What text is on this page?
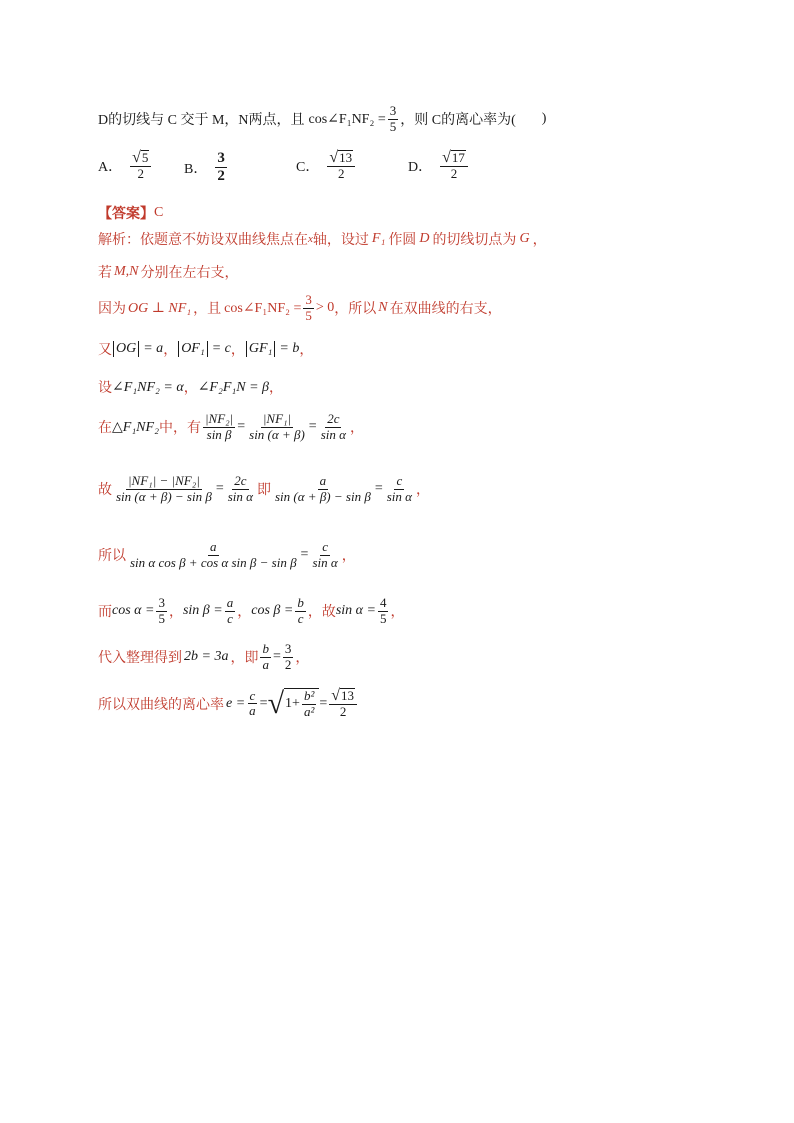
D的切线与 C 交于 M，N两点，且 cos∠F₁NF₂ = $\frac{3}{5}$ ，则 C的离心率为( )
A． $\frac{√ 5}{2}$ B． $\frac{3}{2}$	C． $\frac{√ 13}{2}$	D． $\frac{√ 17}{2}$
【答案】 C
解析：依题意不妨设双曲线焦点在 x 轴，设过 F₁ 作圆 D 的切线切点为 G ，
若 M,N 分别在左右支，
因为 OG ⊥ NF₁ ，且 cos∠F₁NF₂ = $\frac{3}{5} > 0$ ，所以 N 在双曲线的右支，
又 OG = a ， OF₁ = c ， GF₁ = b ，
设 ∠F₁NF₂ = α ， ∠F₂F₁N = β ，
在 △F₁NF₂ 中，有 $\frac{\text{|NF₂|}}{\text{sin β}} = \frac{\text{|NF₁|}}{\sin (\alpha + \beta)} = \frac{2c}{\text{sin α}}$ ，
故 $\frac{\text{|NF₁| − |NF₂|}}{\text{sin (α + β) − sin β}} = \frac{2c}{\text{sin α}}$ 即 $\frac{a}{\text{sin (α + β) − sin β}} = \frac{c}{\text{sin α}}$ ，
所以 $\frac{a}{\text{sin α cos β + cos α sin β − sin β}} = \frac{c}{\text{sin α}}$ ，
而 $\cos \alpha = \frac{3}{5}$ ， $\sin \beta = \frac{a}{c}$ ， $\cos \beta = \frac{b}{c}$ ，故 $\sin \alpha = \frac{4}{5}$ ，
代入整理得到 2b = 3a ，即 $\frac{b}{a} = \frac{3}{2}$ ，
所以双曲线的离心率 $e = \frac{c}{a}$ = √ $1+ \frac{\text{b²}}{\text{a²}} = \frac{√ 13}{2}$
